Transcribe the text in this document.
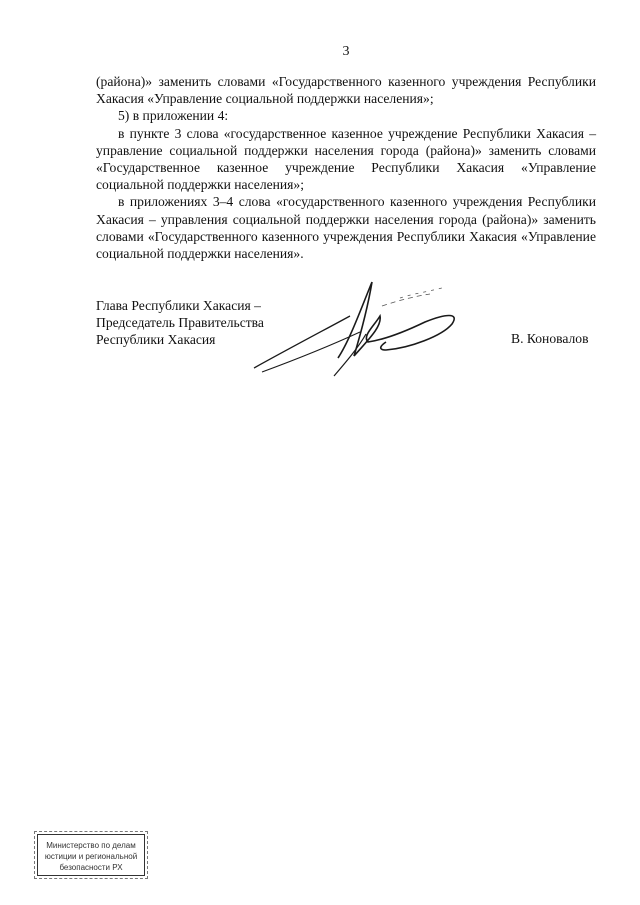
3

(района)» заменить словами «Государственного казенного учреждения Республики Хакасия «Управление социальной поддержки населения»;

5) в приложении 4:

в пункте 3 слова «государственное казенное учреждение Республики Хакасия – управление социальной поддержки населения города (района)» заменить словами «Государственное казенное учреждение Республики Хакасия «Управление социальной поддержки населения»;

в приложениях 3–4 слова «государственного казенного учреждения Республики Хакасия – управления социальной поддержки населения города (района)» заменить словами «Государственного казенного учреждения Республики Хакасия «Управление социальной поддержки населения».

Глава Республики Хакасия –
Председатель Правительства
Республики Хакасия	В. Коновалов
Министерство по делам
юстиции и региональной
безопасности РХ
